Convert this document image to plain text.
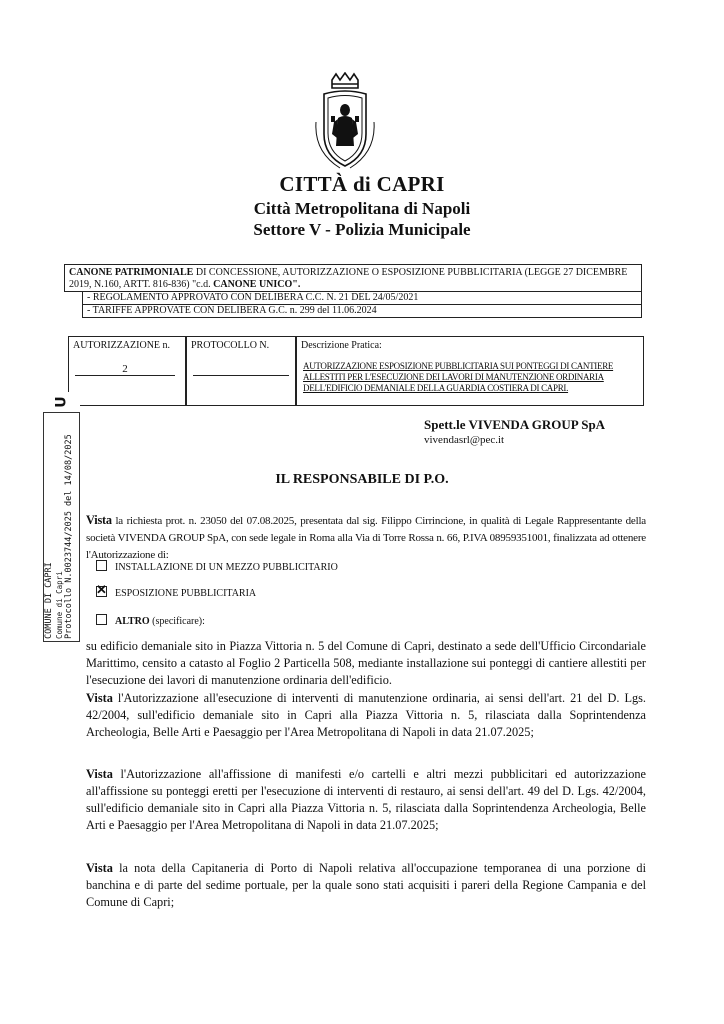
CITTÀ di CAPRI
Città Metropolitana di Napoli
Settore V - Polizia Municipale
CANONE PATRIMONIALE DI CONCESSIONE, AUTORIZZAZIONE O ESPOSIZIONE PUBBLICITARIA (LEGGE 27 DICEMBRE 2019, N.160, ARTT. 816-836) "c.d. CANONE UNICO".
- REGOLAMENTO APPROVATO CON DELIBERA C.C. N. 21 DEL 24/05/2021
- TARIFFE APPROVATE CON DELIBERA G.C. n. 299 del 11.06.2024
AUTORIZZAZIONE n.
2
PROTOCOLLO N.	Descrizione Pratica:
AUTORIZZAZIONE ESPOSIZIONE PUBBLICITARIA SUI PONTEGGI DI CANTIERE ALLESTITI PER L'ESECUZIONE DEI LAVORI DI MANUTENZIONE ORDINARIA DELL'EDIFICIO DEMANIALE DELLA GUARDIA COSTIERA DI CAPRI.
COMUNE DI CAPRI Comune di Capri Protocollo N.0023744/2025 del 14/08/2025
U
Spett.le VIVENDA GROUP SpA
vivendasrl@pec.it
IL RESPONSABILE DI P.O.
Vista la richiesta prot. n. 23050 del 07.08.2025, presentata dal sig. Filippo Cirrincione, in qualità di Legale Rappresentante della società VIVENDA GROUP SpA, con sede legale in Roma alla Via di Torre Rossa n. 66, P.IVA 08959351001, finalizzata ad ottenere l'Autorizzazione di:
INSTALLAZIONE DI UN MEZZO PUBBLICITARIO
✕ESPOSIZIONE PUBBLICITARIA
ALTRO (specificare):
su edificio demaniale sito in Piazza Vittoria n. 5 del Comune di Capri, destinato a sede dell'Ufficio Circondariale Marittimo, censito a catasto al Foglio 2 Particella 508, mediante installazione sui ponteggi di cantiere allestiti per l'esecuzione dei lavori di manutenzione ordinaria dell'edificio.
Vista l'Autorizzazione all'esecuzione di interventi di manutenzione ordinaria, ai sensi dell'art. 21 del D. Lgs. 42/2004, sull'edificio demaniale sito in Capri alla Piazza Vittoria n. 5, rilasciata dalla Soprintendenza Archeologia, Belle Arti e Paesaggio per l'Area Metropolitana di Napoli in data 21.07.2025;
Vista l'Autorizzazione all'affissione di manifesti e/o cartelli e altri mezzi pubblicitari ed autorizzazione all'affissione su ponteggi eretti per l'esecuzione di interventi di restauro, ai sensi dell'art. 49 del D. Lgs. 42/2004, sull'edificio demaniale sito in Capri alla Piazza Vittoria n. 5, rilasciata dalla Soprintendenza Archeologia, Belle Arti e Paesaggio per l'Area Metropolitana di Napoli in data 21.07.2025;
Vista la nota della Capitaneria di Porto di Napoli relativa all'occupazione temporanea di una porzione di banchina e di parte del sedime portuale, per la quale sono stati acquisiti i pareri della Regione Campania e del Comune di Capri;
